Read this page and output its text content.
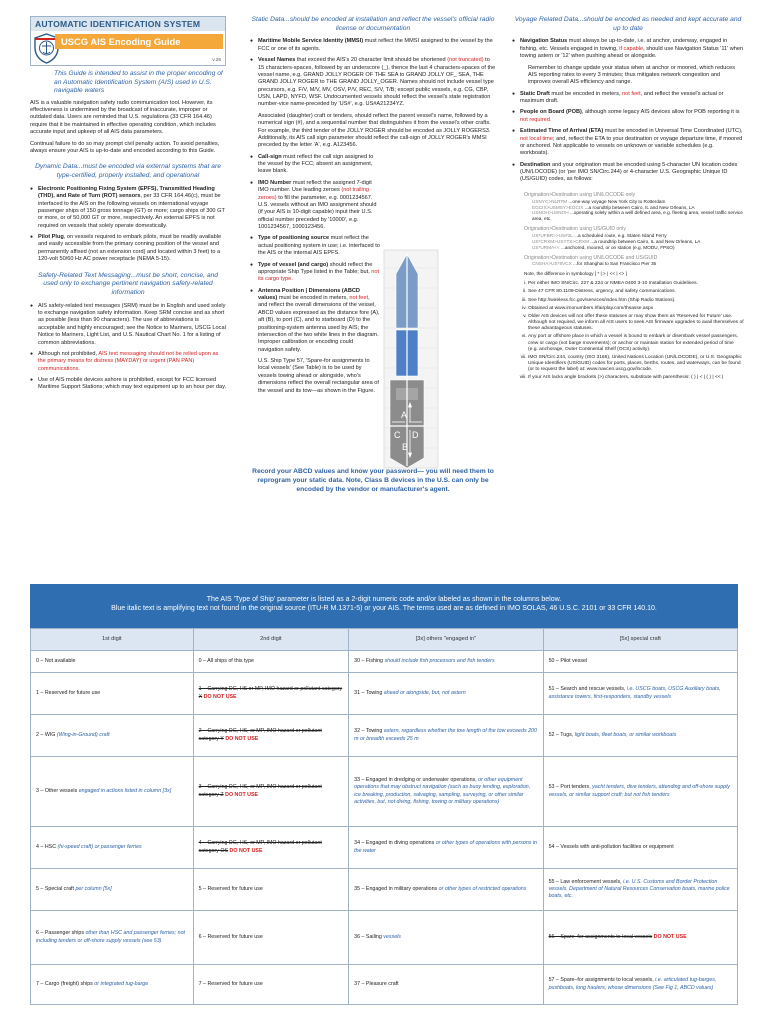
AUTOMATIC IDENTIFICATION SYSTEM
USCG AIS Encoding Guide
v.25
This Guide is intended to assist in the proper encoding of an Automatic Identification System (AIS) used in U.S. navigable waters

AIS is a valuable navigation safety radio communication tool. However, its effectiveness is undermined by the broadcast of inaccurate, improper or outdated data. Users are reminded that U.S. regulations (33 CFR 164.46) require that it be maintained in effective operating condition, which includes accurate input and upkeep of all AIS data parameters.

Continual failure to do so may prompt civil penalty action. To avoid penalties, always ensure your AIS is up-to-date and encoded according to this Guide.

Dynamic Data...must be encoded via external systems that are type-certified, properly installed, and operational
● Electronic Positioning Fixing System (EPFS), Transmitted Heading (THD), and Rate of Turn (ROT) sensors, per 33 CFR 164.46(c), must be interfaced to the AIS on the following vessels on international voyage passenger ships of 150 gross tonnage (GT) or more; cargo ships of 300 GT or more, or of 50,000 GT or more, respectively. An external EPFS is not required on vessels that solely operate domestically.
● Pilot Plug, on vessels required to embark pilots, must be readily available and easily accessible from the primary conning position of the vessel and permanently affixed (not an extension cord) and located within 3 feet) to a 120-volt 50/60 Hz AC power receptacle (NEMA 5-15).
Safety-Related Text Messaging...must be short, concise, and used only to exchange pertinent navigation safety-related information
● AIS safety-related text messages (SRM) must be in English and used solely to exchange navigation safety information. Keep SRM concise and as short as possible (less than 90 characters). The use of abbreviations is acceptable and highly encouraged; see the Notice to Mariners, USCG Local Notice to Mariners, Light List, and U.S. Nautical Chart No. 1 for a listing of common abbreviations.
● Although not prohibited, AIS text messaging should not be relied upon as the primary means for distress (MAYDAY) or urgent (PAN PAN) communications.
● Use of AIS mobile devices ashore is prohibited, except for FCC licensed Maritime Support Stations; which may text equipment up to an hour per day.
Static Data...should be encoded at installation and reflect the vessel's official radio license or documentation
● Maritime Mobile Service Identity (MMSI) must reflect the MMSI assigned to the vessel by the FCC or one of its agents.
● Vessel Names that exceed the AIS's 20 character limit should be shortened (not truncated) to 15 characters-spaces, followed by an underscore (_), thence the last 4 characters-spaces of the vessel name, e.g. GRAND JOLLY ROGER OF THE SEA to GRAND JOLLY OF_ SEA, THE GRAND JOLLY ROGER to THE GRAND JOLLY_OGER. Names should not include vessel type precursors, e.g. F/V, M/V, MV, OSV, P/V, REC, S/V, T/B; except public vessels, e.g. CG, CBP, USN, LAPD, NYFD, WSF. Undocumented vessels should reflect the vessel's state registration number-vice name-preceded by 'US#', e.g. US#A21234YZ.

Associated (daughter) craft or tenders, should reflect the parent vessel's name, followed by a numerical sign (#), and a sequential number that distinguishes it from the vessel's other crafts. For example, the third tender of the JOLLY ROGER should be encoded as JOLLY ROGERS3. Additionally, its AIS call sign parameter should reflect the call-sign of JOLLY ROGER's MMSI preceded by the letter 'A', e.g. A123456.

● Call-sign must reflect the call sign assigned to the vessel by the FCC; absent an assignment, leave blank.
● IMO Number must reflect the assigned 7-digit IMO number. Use leading zeroes (not trailing zeroes) to fill the parameter, e.g. 0001234567. U.S. vessels without an IMO assignment should (if your AIS is 10-digit capable) input their U.S. official number preceded by '10000', e.g. 1001234567, 1000123456.
● Type of positioning source must reflect the actual positioning system in use; i.e. interfaced to the AIS or the internal AIS EPFS.
● Type of vessel (and cargo) should reflect the appropriate Ship Type listed in the Table; but, not its cargo type.
● Antenna Position | Dimensions (ABCD values) must be encoded in meters, not feet, and reflect the overall dimensions of the vessel, ABCD values expressed as the distance fore (A), aft (B), to port (C), and to starboard (D) to the positioning-system antenna used by AIS; the intersection of the two white lines in the diagram. Improper calibration or encoding could navigation safety.

U.S. Ship Type 57, 'Spare-for assignments to local vessels' (See Table) is to be used by vessels towing ahead or alongside, who's dimensions reflect the overall rectangular area of the vessel and its tow—as shown in the Figure.

A
C D
B
Record your ABCD values and know your password— you will need them to reprogram your static data. Note, Class B devices in the U.S. can only be encoded by the vendor or manufacturer's agent.
Voyage Related Data...should be encoded as needed and kept accurate and up to date
● Navigation Status must always be up-to-date, i.e. at anchor, underway, engaged in fishing, etc. Vessels engaged in towing, if capable, should use Navigation Status '11' when towing astern or '12' when pushing ahead or alongside.

Remember to change update your status when at anchor or moored, which reduces AIS reporting rates to every 3 minutes; thus mitigates network congestion and improves overall AIS efficiency and range.

● Static Draft must be encoded in meters, not feet, and reflect the vessel's actual or maximum draft.
● People on Board (POB), although some legacy AIS devices allow for POB reporting it is not required.
● Estimated Time of Arrival (ETA) must be encoded in Universal Time Coordinated (UTC), not local time; and, reflect the ETA to your destination or voyage departure time, if moored or anchored. Not applicable to vessels on unknown or variable schedules (e.g. workboats).
● Destination and your origination must be encoded using 5-character UN location codes (UN/LOCODE) (or 'per IMO SN/Circ.244) or 4-character U.S. Geographic Unique ID (US/GUID) codes, as follows:
Origination>Destination using UN/LOCODE only
USNYC>NLRTM ...one-way voyage New York City to Rotterdam
EGCIX>USMSY>EGCIX ...a roundtrip between Cairo, IL and New Orleans, LA
USNOH>USNOH ...operating solely within a well defined area, e.g. fleeting area, vessel traffic service area, etc.
Origination>Destination using US/GUID only
US*UFBR>>US#2L ...a scheduled route, e.g. Staten Island Ferry
US*CRXM>USYTS>CRXM ...a roundtrip between Cairo, IL and New Orleans, LA
US*URMA<< ...anchored, moored, or on station (e.g. MODU, FPSO)
Origination>Destination using UN/LOCODE and US/GUID
CNSHA>US*8VCX ...for Shanghai to San Francisco Pier 35
Note, the difference in symbology [ * | > | << | <> ]
i. Per either IMO SN/Circ. 227 & 224 or NMEA 0400 3-10 Installation Guidelines.
ii. See 47 CFR 80.1109-Distress, urgency, and safety communications.
iii. See http://wireless.fcc.gov/services/index.htm (Ship Radio Stations).
iv. Obtained at www.imonumbers.lrfairplay.com/Ihsasse.aspx
v. Older AIS devices will not offer these statuses or may show them as 'Reserved for Future' use. Although not required, we inform all AIS users to seek AIS firmware upgrades to avail themselves of these advantageous statuses.
vi. Any port or offshore place in which a vessel is bound to embark or disembark vessel passengers, crew or cargo (not barge movements); or anchor or maintain station for extended period of time (e.g. anchorage, Outer Continental Shelf (OCS) activity).
vii. IMO SN/Circ.244, country (ISO 3166), United Nations Location (UN/LOCODE), or U.S. Geographic Unique Identifiers (US/GUID) codes for ports, places, berths, routes, and waterways, can be found (or to request the label) at: www.navcen.uscg.gov/locode.
viii. If your AIS lacks angle brackets (>) characters, substitute with parenthesis: ( ) | < | ( ) | << |
The AIS 'Type of Ship' parameter is listed as a 2-digit numeric code and/or labeled as shown in the columns below.
Blue italic text is amplifying text not found in the original source (ITU-R M.1371-5) or your AIS. The terms used are as defined in IMO SOLAS, 46 U.S.C. 2101 or 33 CFR 140.10.
1st digit	2nd digit	[3x] others "engaged in"	[5x] special craft
0 – Not available	0 – All ships of this type	30 – Fishing should include fish processors and fish tenders	50 – Pilot vessel
1 – Reserved for future use	1 – Carrying DG, HS or MP, IMO hazard or pollutant category X DO NOT USE	31 – Towing ahead or alongside, but, not astern	51 – Search and rescue vessels, i.e. USCG boats, USCG Auxiliary boats, assistance towers, first-responders, standby vessels
2 – WIG (Wing-in-Ground) craft	2 – Carrying DG, HS, or MP, IMO hazard or pollutant category Y DO NOT USE	32 – Towing astern, regardless whether the tow length of the tow exceeds 200 m or breadth exceeds 25 m	52 – Tugs, light boats, fleet boats, or similar workboats
3 – Other vessels engaged in actions listed in column [3x]	3 – Carrying DG, HS, or MP, IMO hazard or pollutant category Z DO NOT USE	33 – Engaged in dredging or underwater operations, or other equipment operations that may obstruct navigation (such as buoy tending, exploration, ice breaking, production, salvaging, sampling, surveying, or other similar activities, but, not diving, fishing, towing or military operations)	53 – Port tenders, yacht tenders, dive tenders, attending and off-shore supply vessels, or similar support craft; but not fish tenders
4 – HSC (hi-speed craft) or passenger ferries	4 – Carrying DG, HS, or MP, IMO hazard or pollutant category OS DO NOT USE	34 – Engaged in diving operations or other types of operations with persons in the water	54 – Vessels with anti-pollution facilities or equipment
5 – Special craft per column [5x]	5 – Reserved for future use	35 – Engaged in military operations or other types of restricted operations	55 – Law enforcement vessels, i.e. U.S. Customs and Border Protection vessels, Department of Natural Resources Conservation boats, marine police boats, etc.
6 – Passenger ships other than HSC and passenger ferries; not including tenders or off-shore supply vessels (see 53)	6 – Reserved for future use	36 – Sailing vessels	56 – Spare–for assignments to local vessels DO NOT USE
7 – Cargo (freight) ships or integrated tug-barge	7 – Reserved for future use	37 – Pleasure craft	57 – Spare–for assignments to local vessels, i.e. articulated tug-barges, pushboats, long haulers, whose dimensions (See Fig 1, ABCD values)
